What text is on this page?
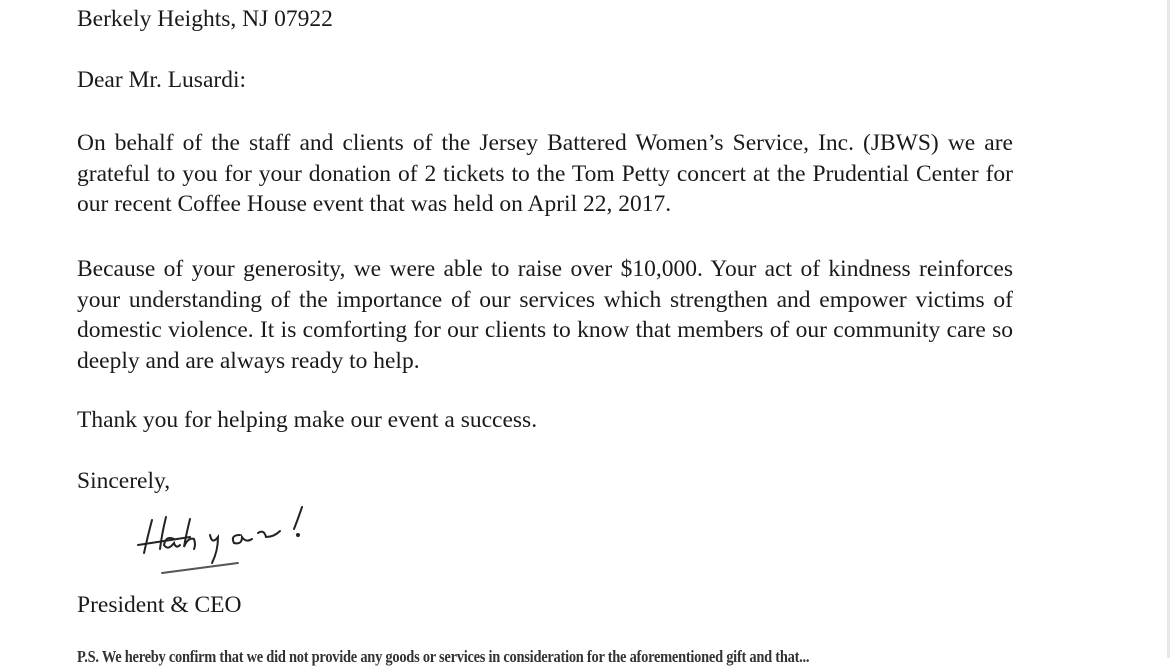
Berkely Heights, NJ 07922
Dear Mr. Lusardi:
On behalf of the staff and clients of the Jersey Battered Women’s Service, Inc. (JBWS) we are grateful to you for your donation of 2 tickets to the Tom Petty concert at the Prudential Center for our recent Coffee House event that was held on April 22, 2017.
Because of your generosity, we were able to raise over $10,000. Your act of kindness reinforces your understanding of the importance of our services which strengthen and empower victims of domestic violence. It is comforting for our clients to know that members of our community care so deeply and are always ready to help.
Thank you for helping make our event a success.
Sincerely,
President & CEO
P.S. We hereby confirm that we did not provide any goods or services in consideration for the aforementioned gift and that...
